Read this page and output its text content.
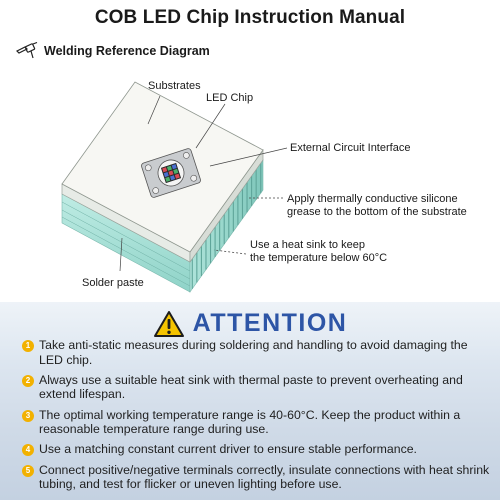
COB LED Chip Instruction Manual
Welding Reference Diagram
Substrates
LED Chip
External Circuit Interface
Apply thermally conductive silicone
grease to the bottom of the substrate
Use a heat sink to keep
the temperature below 60°C
Solder paste
ATTENTION
1 Take anti-static measures during soldering and handling to avoid damaging the LED chip.
2 Always use a suitable heat sink with thermal paste to prevent overheating and extend lifespan.
3 The optimal working temperature range is 40-60°C. Keep the product within a reasonable temperature range during use.
4 Use a matching constant current driver to ensure stable performance.
5 Connect positive/negative terminals correctly, insulate connections with heat shrink tubing, and test for flicker or uneven lighting before use.
